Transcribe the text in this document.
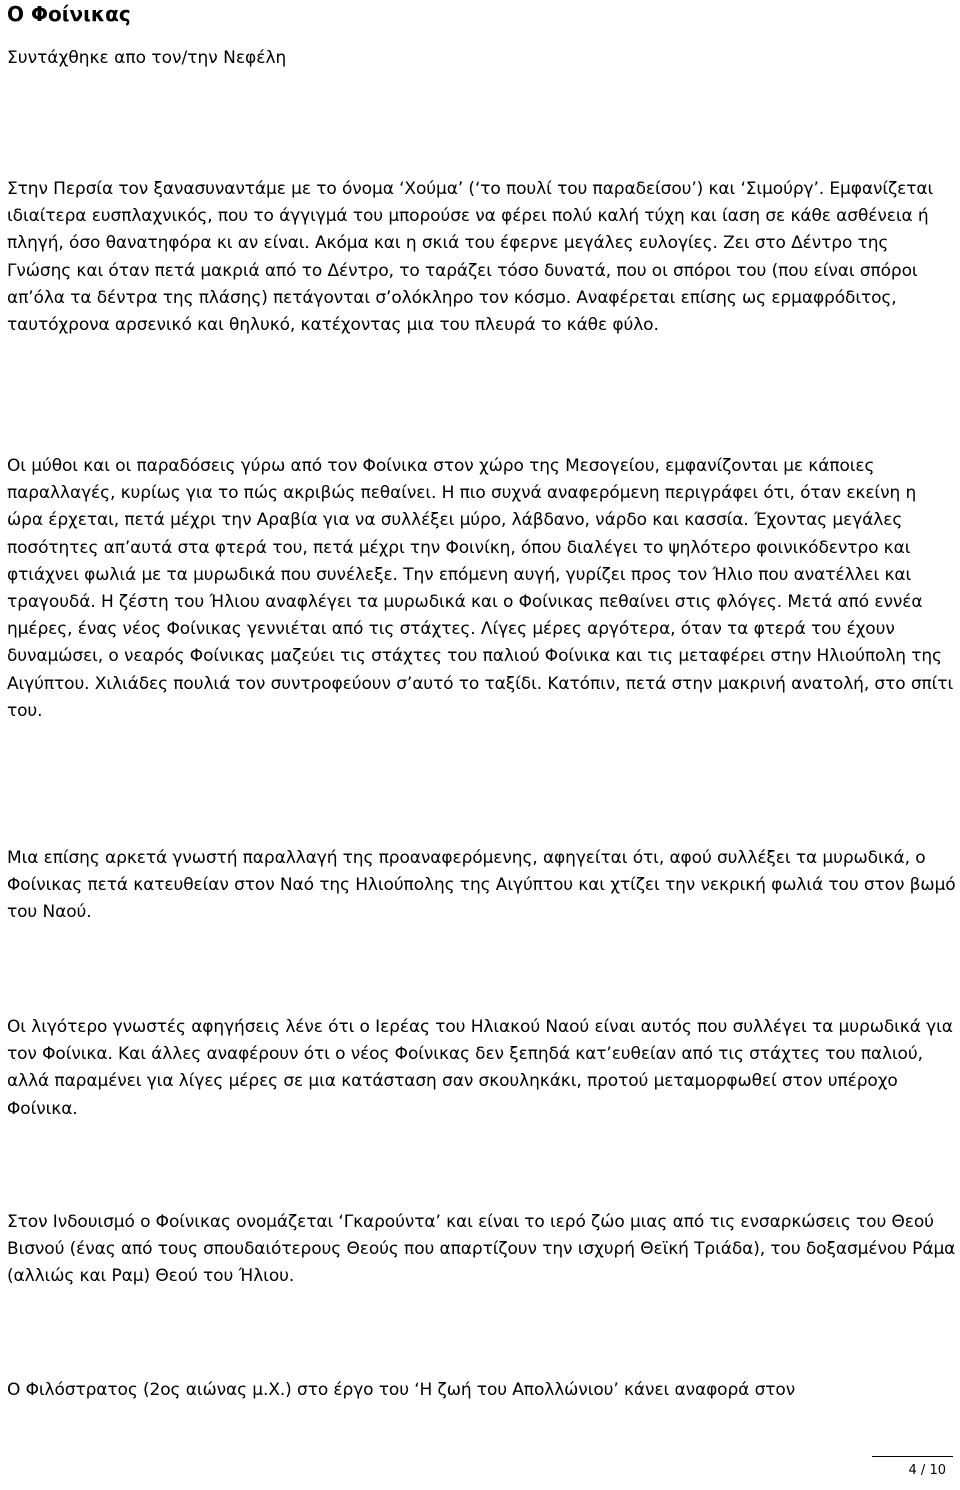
Ο Φοίνικας
Συντάχθηκε απο τον/την Νεφέλη

Στην Περσία τον ξανασυναντάμε με το όνομα ‘Χούμα’ (‘το πουλί του παραδείσου’) και ‘Σιμούργ’. Εμφανίζεται ιδιαίτερα ευσπλαχνικός, που το άγγιγμά του μπορούσε να φέρει πολύ καλή τύχη και ίαση σε κάθε ασθένεια ή πληγή, όσο θανατηφόρα κι αν είναι. Ακόμα και η σκιά του έφερνε μεγάλες ευλογίες. Ζει στο Δέντρο της Γνώσης και όταν πετά μακριά από το Δέντρο, το ταράζει τόσο δυνατά, που οι σπόροι του (που είναι σπόροι απ’όλα τα δέντρα της πλάσης) πετάγονται σ’ολόκληρο τον κόσμο. Αναφέρεται επίσης ως ερμαφρόδιτος, ταυτόχρονα αρσενικό και θηλυκό, κατέχοντας μια του πλευρά το κάθε φύλο.

Οι μύθοι και οι παραδόσεις γύρω από τον Φοίνικα στον χώρο της Μεσογείου, εμφανίζονται με κάποιες παραλλαγές, κυρίως για το πώς ακριβώς πεθαίνει. Η πιο συχνά αναφερόμενη περιγράφει ότι, όταν εκείνη η ώρα έρχεται, πετά μέχρι την Αραβία για να συλλέξει μύρο, λάβδανο, νάρδο και κασσία. Έχοντας μεγάλες ποσότητες απ’αυτά στα φτερά του, πετά μέχρι την Φοινίκη, όπου διαλέγει το ψηλότερο φοινικόδεντρο και φτιάχνει φωλιά με τα μυρωδικά που συνέλεξε. Την επόμενη αυγή, γυρίζει προς τον Ήλιο που ανατέλλει και τραγουδά. Η ζέστη του Ήλιου αναφλέγει τα μυρωδικά και ο Φοίνικας πεθαίνει στις φλόγες. Μετά από εννέα ημέρες, ένας νέος Φοίνικας γεννιέται από τις στάχτες. Λίγες μέρες αργότερα, όταν τα φτερά του έχουν δυναμώσει, ο νεαρός Φοίνικας μαζεύει τις στάχτες του παλιού Φοίνικα και τις μεταφέρει στην Ηλιούπολη της Αιγύπτου. Χιλιάδες πουλιά τον συντροφεύουν σ’αυτό το ταξίδι. Κατόπιν, πετά στην μακρινή ανατολή, στο σπίτι του.

Μια επίσης αρκετά γνωστή παραλλαγή της προαναφερόμενης, αφηγείται ότι, αφού συλλέξει τα μυρωδικά, ο Φοίνικας πετά κατευθείαν στον Ναό της Ηλιούπολης της Αιγύπτου και χτίζει την νεκρική φωλιά του στον βωμό του Ναού.

Οι λιγότερο γνωστές αφηγήσεις λένε ότι ο Ιερέας του Ηλιακού Ναού είναι αυτός που συλλέγει τα μυρωδικά για τον Φοίνικα. Και άλλες αναφέρουν ότι ο νέος Φοίνικας δεν ξεπηδά κατ’ευθείαν από τις στάχτες του παλιού, αλλά παραμένει για λίγες μέρες σε μια κατάσταση σαν σκουληκάκι, προτού μεταμορφωθεί στον υπέροχο Φοίνικα.

Στον Ινδουισμό ο Φοίνικας ονομάζεται ‘Γκαρούντα’ και είναι το ιερό ζώο μιας από τις ενσαρκώσεις του Θεού Βισνού (ένας από τους σπουδαιότερους Θεούς που απαρτίζουν την ισχυρή Θεϊκή Τριάδα), του δοξασμένου Ράμα (αλλιώς και Ραμ) Θεού του Ήλιου.

Ο Φιλόστρατος (2ος αιώνας μ.Χ.) στο έργο του ‘Η ζωή του Απολλώνιου’ κάνει αναφορά στον

4 / 10
